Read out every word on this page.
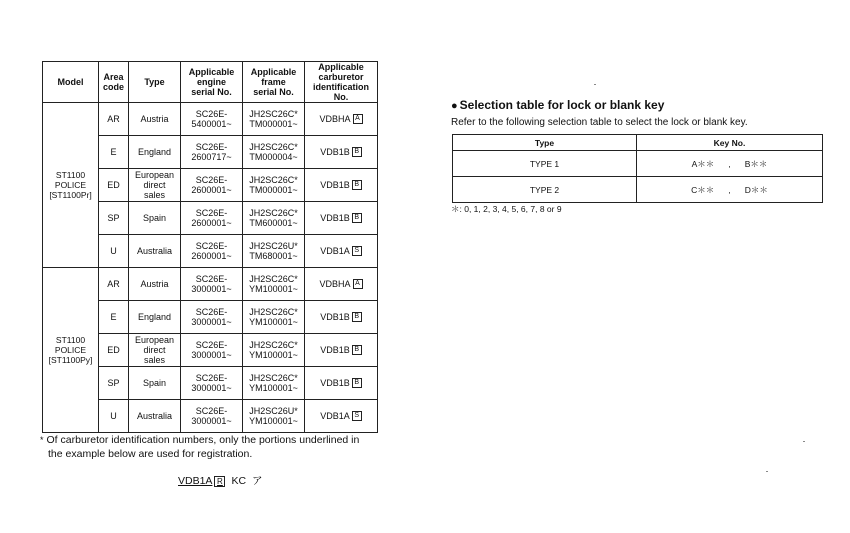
Model	Area
code	Type	Applicable
engine
serial No.	Applicable
frame
serial No.	Applicable
carburetor
identification No.
ST1100
POLICE
[ST1100Pr]	AR	Austria	SC26E-
5400001~	JH2SC26C*
TM000001~	VDBHA A
	E	England	SC26E-
2600717~	JH2SC26C*
TM000004~	VDB1B B
	ED	European
direct
sales	SC26E-
2600001~	JH2SC26C*
TM000001~	VDB1B B
	SP	Spain	SC26E-
2600001~	JH2SC26C*
TM600001~	VDB1B B
	U	Australia	SC26E-
2600001~	JH2SC26U*
TM680001~	VDB1A S
ST1100
POLICE
[ST1100Py]	AR	Austria	SC26E-
3000001~	JH2SC26C*
YM100001~	VDBHA A
	E	England	SC26E-
3000001~	JH2SC26C*
YM100001~	VDB1B B
	ED	European
direct
sales	SC26E-
3000001~	JH2SC26C*
YM100001~	VDB1B B
	SP	Spain	SC26E-
3000001~	JH2SC26C*
YM100001~	VDB1B B
	U	Australia	SC26E-
3000001~	JH2SC26U*
YM100001~	VDB1A S
* Of carburetor identification numbers, only the portions underlined in
the example below are used for registration.
VDB1A R KC ア
● Selection table for lock or blank key
Refer to the following selection table to select the lock or blank key.
Type	Key No.
TYPE 1	A＊＊ , B＊＊
TYPE 2	C＊＊ , D＊＊
＊: 0, 1, 2, 3, 4, 5, 6, 7, 8 or 9
